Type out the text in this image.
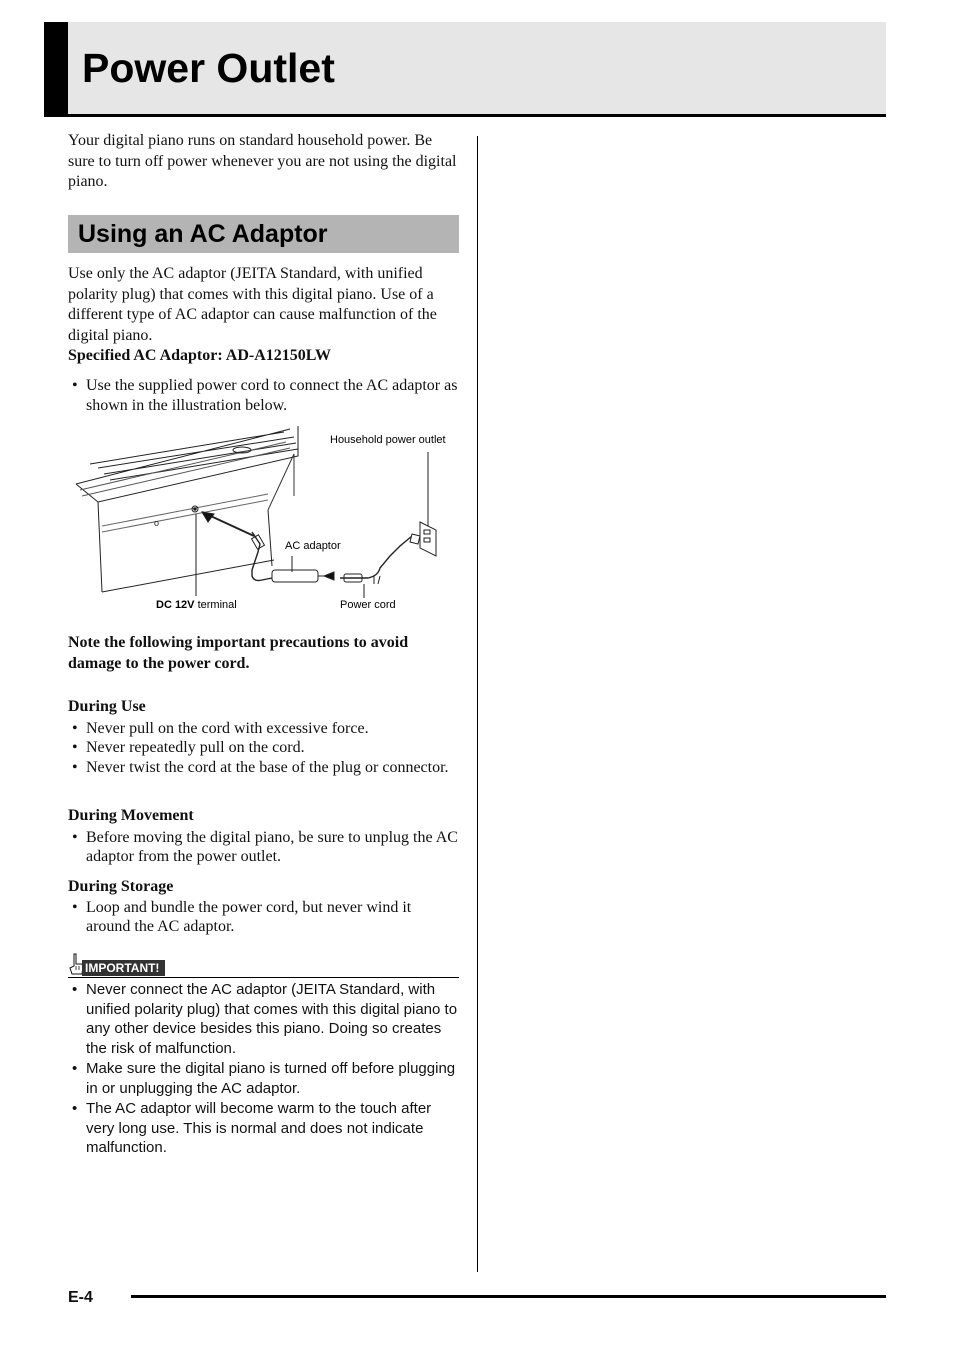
Power Outlet

Your digital piano runs on standard household power. Be sure to turn off power whenever you are not using the digital piano.

Using an AC Adaptor

Use only the AC adaptor (JEITA Standard, with unified polarity plug) that comes with this digital piano. Use of a different type of AC adaptor can cause malfunction of the digital piano.

Specified AC Adaptor: AD-A12150LW

• Use the supplied power cord to connect the AC adaptor as shown in the illustration below.
o
Household power outlet
AC adaptor
DC 12V terminal	Power cord

Note the following important precautions to avoid damage to the power cord.

During Use
• Never pull on the cord with excessive force.
• Never repeatedly pull on the cord.
• Never twist the cord at the base of the plug or connector.
During Movement
• Before moving the digital piano, be sure to unplug the AC adaptor from the power outlet.
During Storage
• Loop and bundle the power cord, but never wind it around the AC adaptor.
IMPORTANT!
• Never connect the AC adaptor (JEITA Standard, with unified polarity plug) that comes with this digital piano to any other device besides this piano. Doing so creates the risk of malfunction.
• Make sure the digital piano is turned off before plugging in or unplugging the AC adaptor.
• The AC adaptor will become warm to the touch after very long use. This is normal and does not indicate malfunction.
E-4
